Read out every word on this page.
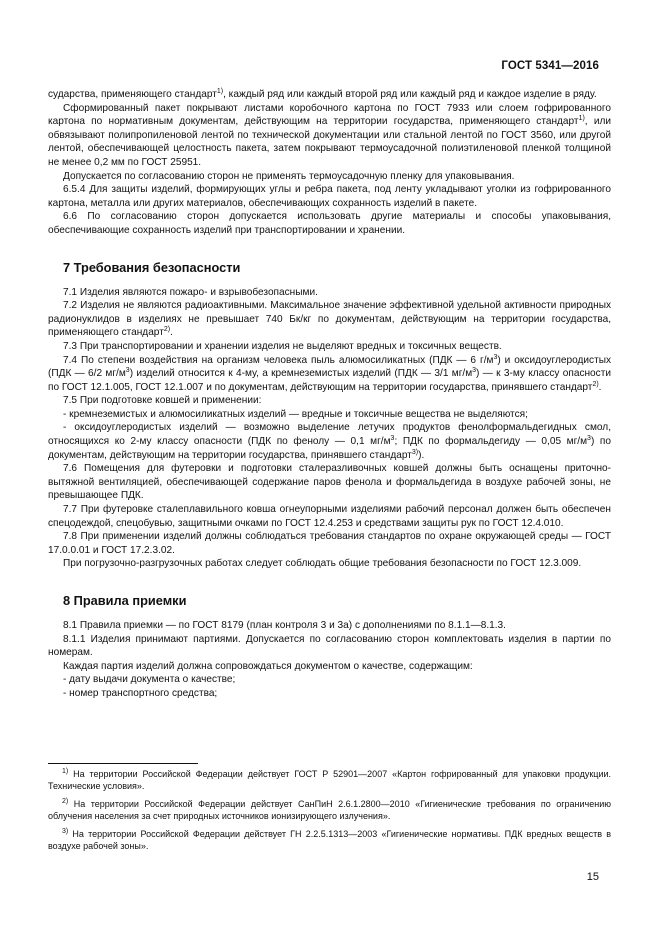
ГОСТ 5341—2016

сударства, применяющего стандарт$^{1)}$, каждый ряд или каждый второй ряд или каждый ряд и каждое изделие в ряду.

Сформированный пакет покрывают листами коробочного картона по ГОСТ 7933 или слоем гофрированного картона по нормативным документам, действующим на территории государства, применяющего стандарт$^{1)}$, или обвязывают полипропиленовой лентой по технической документации или стальной лентой по ГОСТ 3560, или другой лентой, обеспечивающей целостность пакета, затем покрывают термоусадочной полиэтиленовой пленкой толщиной не менее 0,2 мм по ГОСТ 25951.

Допускается по согласованию сторон не применять термоусадочную пленку для упаковывания.

6.5.4 Для защиты изделий, формирующих углы и ребра пакета, под ленту укладывают уголки из гофрированного картона, металла или других материалов, обеспечивающих сохранность изделий в пакете.

6.6 По согласованию сторон допускается использовать другие материалы и способы упаковывания, обеспечивающие сохранность изделий при транспортировании и хранении.

7 Требования безопасности

7.1 Изделия являются пожаро- и взрывобезопасными.

7.2 Изделия не являются радиоактивными. Максимальное значение эффективной удельной активности природных радионуклидов в изделиях не превышает 740 Бк/кг по документам, действующим на территории государства, применяющего стандарт$^{2)}$.

7.3 При транспортировании и хранении изделия не выделяют вредных и токсичных веществ.

7.4 По степени воздействия на организм человека пыль алюмосиликатных (ПДК — 6 $г/м^3$) и оксидоуглеродистых (ПДК — 6/2 $мг/м^3$) изделий относится к 4-му, а кремнеземистых изделий (ПДК — 3/1 $мг/м^3$) — к 3-му классу опасности по ГОСТ 12.1.005, ГОСТ 12.1.007 и по документам, действующим на территории государства, принявшего стандарт$^{2)}$.

7.5 При подготовке ковшей и применении:

- кремнеземистых и алюмосиликатных изделий — вредные и токсичные вещества не выделяются;

- оксидоуглеродистых изделий — возможно выделение летучих продуктов фенолформальдегидных смол, относящихся ко 2-му классу опасности (ПДК по фенолу — 0,1 $мг/м^3$; ПДК по формальдегиду — 0,05 $мг/м^3$) по документам, действующим на территории государства, принявшего стандарт$^{3)}$).

7.6 Помещения для футеровки и подготовки сталеразливочных ковшей должны быть оснащены приточно-вытяжной вентиляцией, обеспечивающей содержание паров фенола и формальдегида в воздухе рабочей зоны, не превышающее ПДК.

7.7 При футеровке сталеплавильного ковша огнеупорными изделиями рабочий персонал должен быть обеспечен спецодеждой, спецобувью, защитными очками по ГОСТ 12.4.253 и средствами защиты рук по ГОСТ 12.4.010.

7.8 При применении изделий должны соблюдаться требования стандартов по охране окружающей среды — ГОСТ 17.0.0.01 и ГОСТ 17.2.3.02.

При погрузочно-разгрузочных работах следует соблюдать общие требования безопасности по ГОСТ 12.3.009.

8 Правила приемки

8.1 Правила приемки — по ГОСТ 8179 (план контроля 3 и 3а) с дополнениями по 8.1.1—8.1.3.

8.1.1 Изделия принимают партиями. Допускается по согласованию сторон комплектовать изделия в партии по номерам.

Каждая партия изделий должна сопровождаться документом о качестве, содержащим:

- дату выдачи документа о качестве;

- номер транспортного средства;

$^{1)}$ На территории Российской Федерации действует ГОСТ Р 52901—2007 «Картон гофрированный для упаковки продукции. Технические условия».

$^{2)}$ На территории Российской Федерации действует СанПиН 2.6.1.2800—2010 «Гигиенические требования по ограничению облучения населения за счет природных источников ионизирующего излучения».

$^{3)}$ На территории Российской Федерации действует ГН 2.2.5.1313—2003 «Гигиенические нормативы. ПДК вредных веществ в воздухе рабочей зоны».

15
